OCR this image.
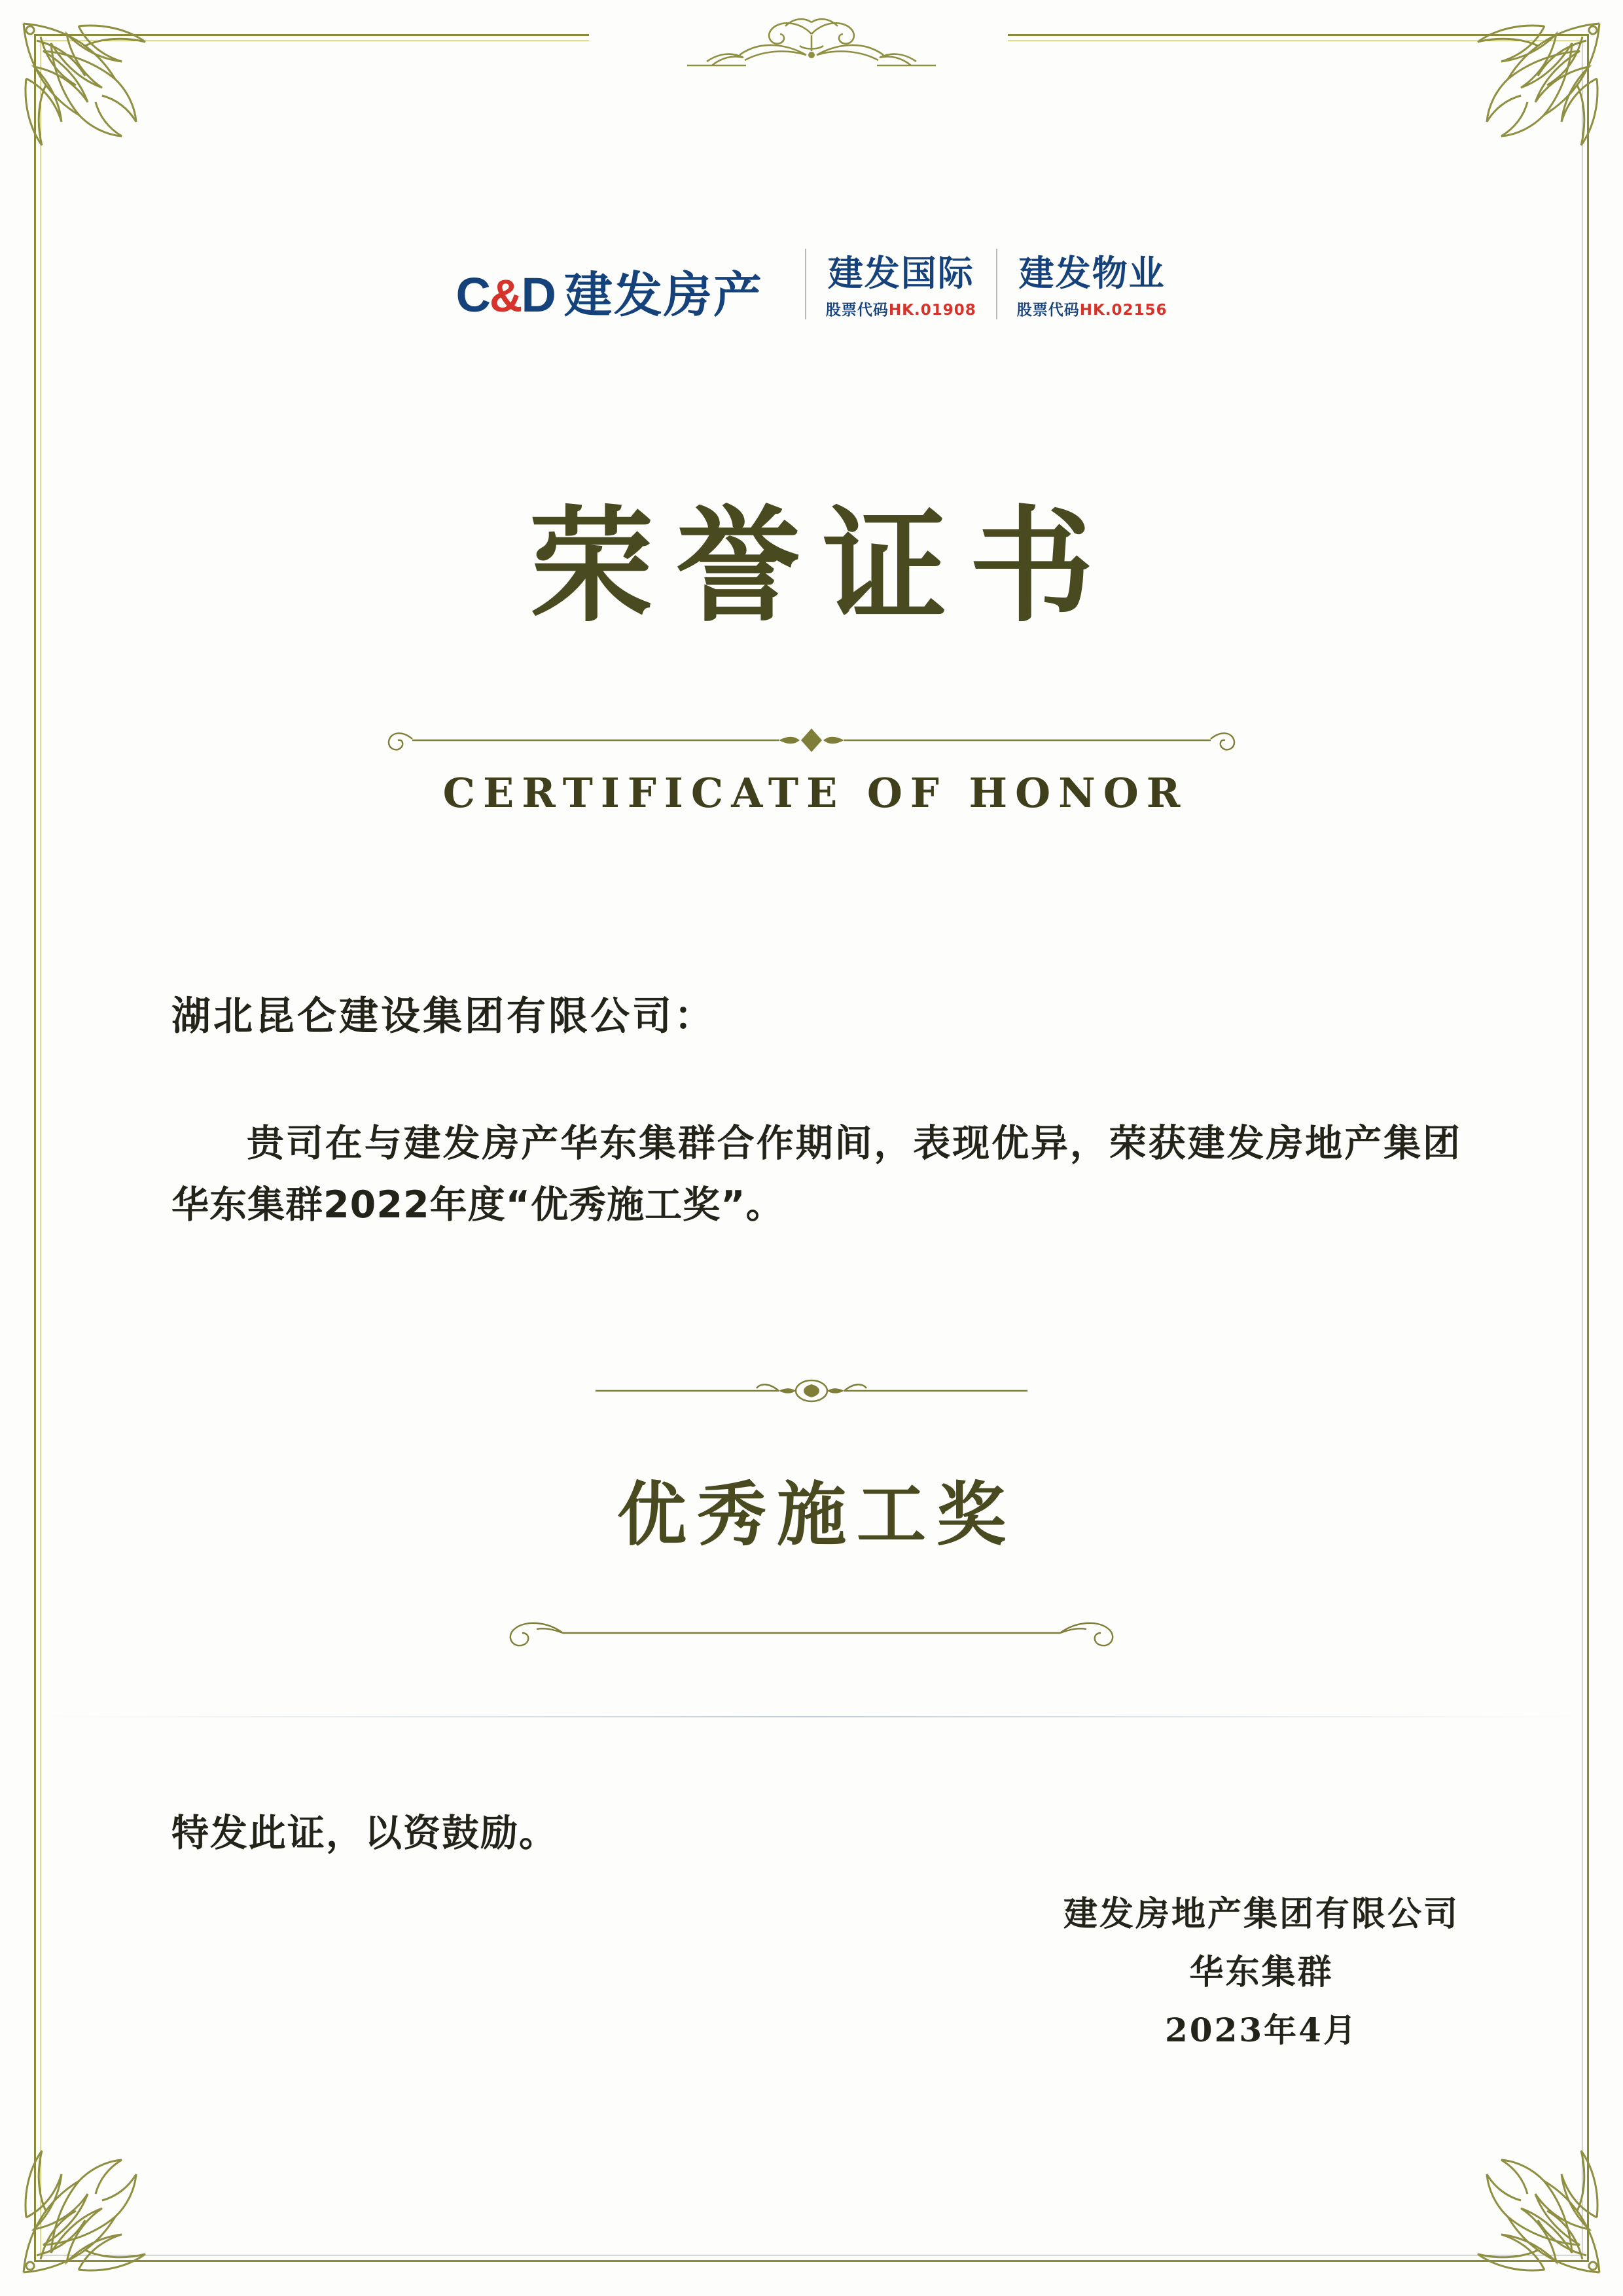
C&D 建发房产 建发国际
股票代码HK.01908
建发物业
股票代码HK.02156
荣誉证书
CERTIFICATE OF HONOR
湖北昆仑建设集团有限公司：
贵司在与建发房产华东集群合作期间，表现优异，荣获建发房地产集团华东集群2022年度“优秀施工奖”。
优秀施工奖
特发此证，以资鼓励。
建发房地产集团有限公司
华东集群
2023年4月
